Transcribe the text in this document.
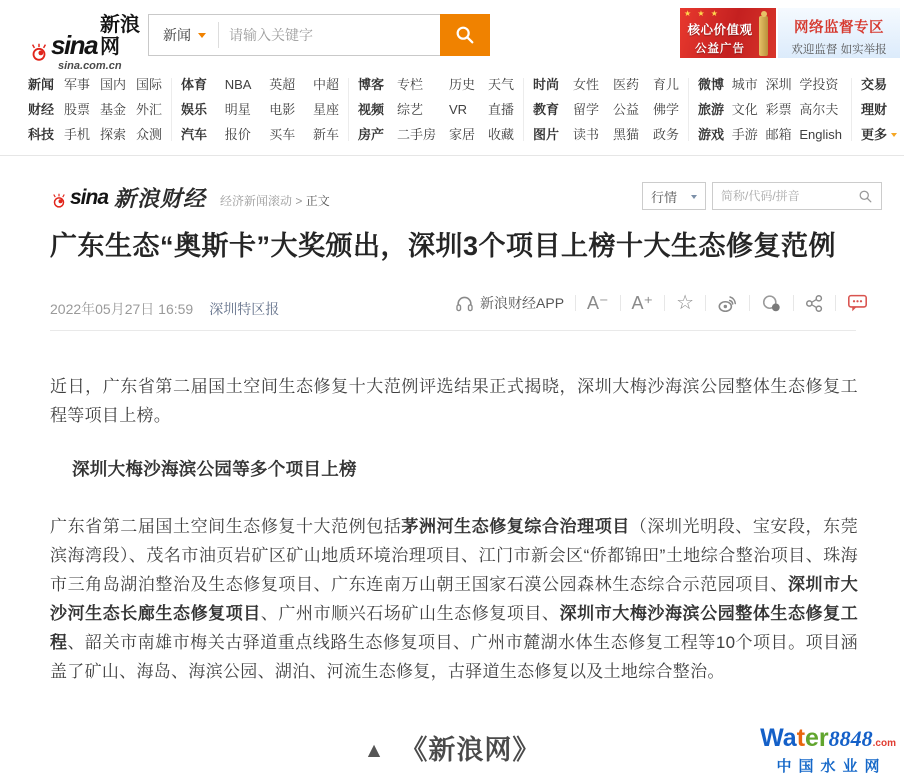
sina
新浪网
sina.com.cn
新闻
请输入关键字
★ ★ ★
核心价值观
公益广告
网络监督专区
欢迎监督 如实举报
新闻 军事 国内 国际
财经 股票 基金 外汇
科技 手机 探索 众测
体育 NBA 英超 中超
娱乐 明星 电影 星座
汽车 报价 买车 新车
博客 专栏	历史 天气
视频 综艺	VR	直播
房产 二手房 家居 收藏
时尚 女性 医药 育儿
教育 留学 公益 佛学
图片 读书 黑猫 政务
微博 城市 深圳 学投资
旅游 文化 彩票 高尔夫
游戏 手游 邮箱 English
交易
理财
更多
sina 新浪财经 经济新闻滚动 > 正文	行情
简称/代码/拼音
广东生态“奥斯卡”大奖颁出，深圳3个项目上榜十大生态修复范例
2022年05月27日 16:59 深圳特区报	新浪财经APP A⁻ A⁺ ☆

近日，广东省第二届国土空间生态修复十大范例评选结果正式揭晓，深圳大梅沙海滨公园整体生态修复工程等项目上榜。

深圳大梅沙海滨公园等多个项目上榜

广东省第二届国土空间生态修复十大范例包括茅洲河生态修复综合治理项目（深圳光明段、宝安段，东莞滨海湾段）、茂名市油页岩矿区矿山地质环境治理项目、江门市新会区“侨都锦田”土地综合整治项目、珠海市三角岛湖泊整治及生态修复项目、广东连南万山朝王国家石漠公园森林生态综合示范园项目、深圳市大沙河生态长廊生态修复项目、广州市顺兴石场矿山生态修复项目、深圳市大梅沙海滨公园整体生态修复工程、韶关市南雄市梅关古驿道重点线路生态修复项目、广州市麓湖水体生态修复工程等10个项目。项目涵盖了矿山、海岛、海滨公园、湖泊、河流生态修复，古驿道生态修复以及土地综合整治。

▲ 《新浪网》	Water8848.com
中国水业网
